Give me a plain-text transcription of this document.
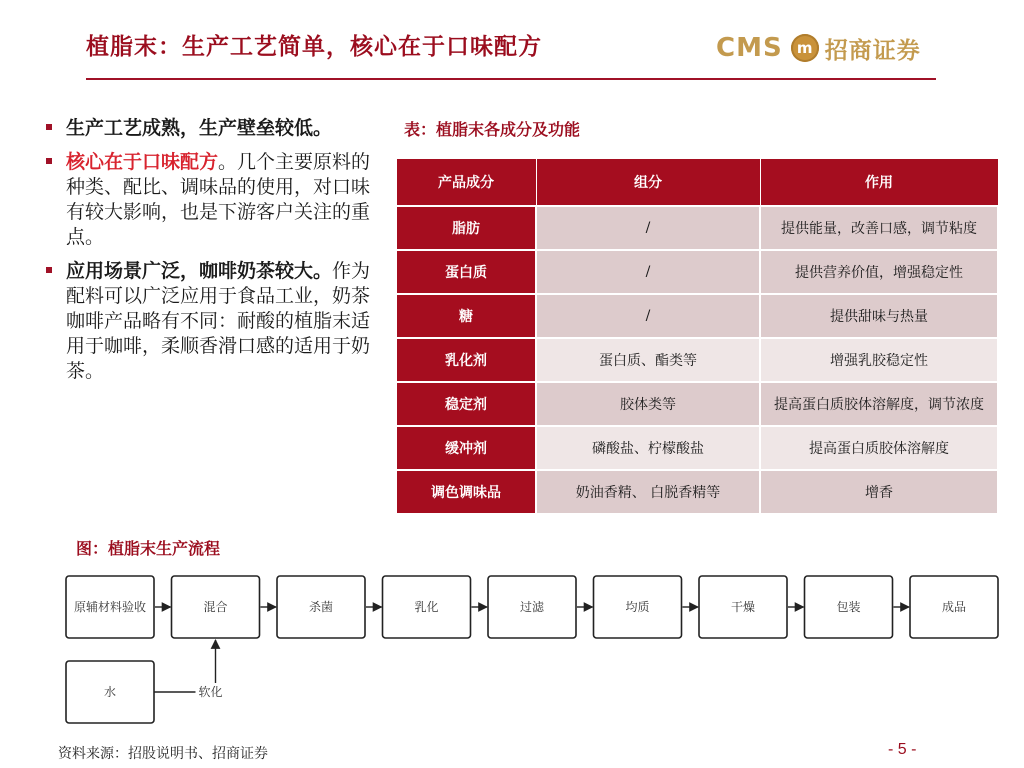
植脂末：生产工艺简单，核心在于口味配方	CMS m 招商证券
生产工艺成熟，生产壁垒较低。
核心在于口味配方。几个主要原料的种类、配比、调味品的使用，对口味有较大影响，也是下游客户关注的重点。
应用场景广泛，咖啡奶茶较大。作为配料可以广泛应用于食品工业，奶茶咖啡产品略有不同：耐酸的植脂末适用于咖啡，柔顺香滑口感的适用于奶茶。
表：植脂末各成分及功能
产品成分	组分	作用
脂肪	/	提供能量，改善口感，调节粘度
蛋白质	/	提供营养价值，增强稳定性
糖	/	提供甜味与热量
乳化剂	蛋白质、酯类等	增强乳胶稳定性
稳定剂	胶体类等	提高蛋白质胶体溶解度，调节浓度
缓冲剂	磷酸盐、柠檬酸盐	提高蛋白质胶体溶解度
调色调味品	奶油香精、 白脱香精等	增香
图：植脂末生产流程
原辅材料验收	混合	杀菌	乳化	过滤	均质	干燥	包装	成品
水	软化
资料来源：招股说明书、招商证券	- 5 -
